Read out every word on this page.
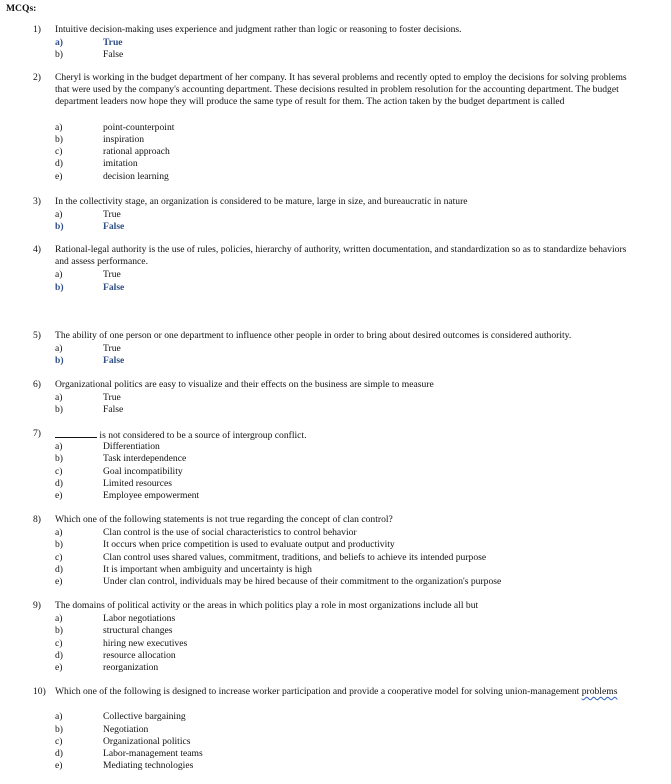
MCQs:
1) Intuitive decision-making uses experience and judgment rather than logic or reasoning to foster decisions.
a)	True
b)	False
2) Cheryl is working in the budget department of her company. It has several problems and recently opted to employ the decisions for solving problems that were used by the company's accounting department. These decisions resulted in problem resolution for the accounting department. The budget department leaders now hope they will produce the same type of result for them. The action taken by the budget department is called
a)	point-counterpoint
b)	inspiration
c)	rational approach
d)	imitation
e)	decision learning
3) In the collectivity stage, an organization is considered to be mature, large in size, and bureaucratic in nature
a)	True
b)	False
4) Rational-legal authority is the use of rules, policies, hierarchy of authority, written documentation, and standardization so as to standardize behaviors and assess performance.
a)	True
b)	False
5) The ability of one person or one department to influence other people in order to bring about desired outcomes is considered authority.
a)	True
b)	False
6) Organizational politics are easy to visualize and their effects on the business are simple to measure
a)	True
b)	False
7)	is not considered to be a source of intergroup conflict.
a)	Differentiation
b)	Task interdependence
c)	Goal incompatibility
d)	Limited resources
e)	Employee empowerment
8) Which one of the following statements is not true regarding the concept of clan control?
a)	Clan control is the use of social characteristics to control behavior
b)	It occurs when price competition is used to evaluate output and productivity
c)	Clan control uses shared values, commitment, traditions, and beliefs to achieve its intended purpose
d)	It is important when ambiguity and uncertainty is high
e)	Under clan control, individuals may be hired because of their commitment to the organization's purpose
9) The domains of political activity or the areas in which politics play a role in most organizations include all but
a)	Labor negotiations
b)	structural changes
c)	hiring new executives
d)	resource allocation
e)	reorganization
10) Which one of the following is designed to increase worker participation and provide a cooperative model for solving union-management problems
a)	Collective bargaining
b)	Negotiation
c)	Organizational politics
d)	Labor-management teams
e)	Mediating technologies
